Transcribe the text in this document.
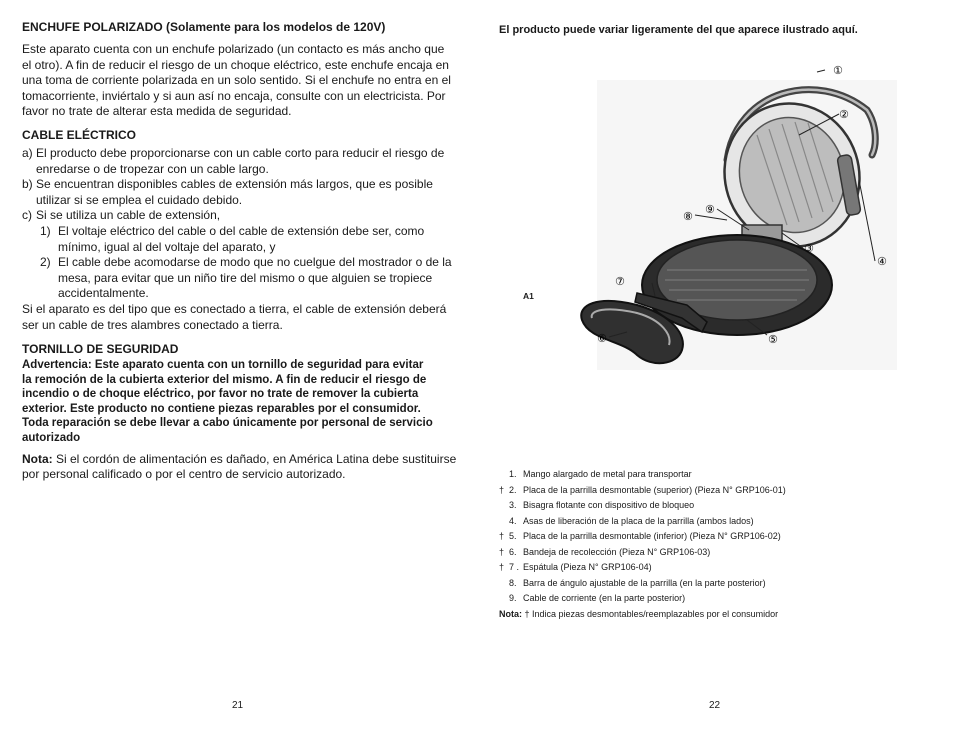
ENCHUFE POLARIZADO (Solamente para los modelos de 120V)

Este aparato cuenta con un enchufe polarizado (un contacto es más ancho que

el otro). A fin de reducir el riesgo de un choque eléctrico, este enchufe encaja en

una toma de corriente polarizada en un solo sentido. Si el enchufe no entra en el

tomacorriente, inviértalo y si aun así no encaja, consulte con un electricista. Por

favor no trate de alterar esta medida de seguridad.

CABLE ELÉCTRICO

a) El producto debe proporcionarse con un cable corto para reducir el riesgo de
enredarse o de tropezar con un cable largo.
b) Se encuentran disponibles cables de extensión más largos, que es posible
utilizar si se emplea el cuidado debido.
c) Si se utiliza un cable de extensión,
1) El voltaje eléctrico del cable o del cable de extensión debe ser, como
mínimo, igual al del voltaje del aparato, y
2) El cable debe acomodarse de modo que no cuelgue del mostrador o de la
mesa, para evitar que un niño tire del mismo o que alguien se tropiece
accidentalmente.

Si el aparato es del tipo que es conectado a tierra, el cable de extensión deberá

ser un cable de tres alambres conectado a tierra.

TORNILLO DE SEGURIDAD

Advertencia: Este aparato cuenta con un tornillo de seguridad para evitar

la remoción de la cubierta exterior del mismo. A fin de reducir el riesgo de

incendio o de choque eléctrico, por favor no trate de remover la cubierta

exterior. Este producto no contiene piezas reparables por el consumidor.

Toda reparación se debe llevar a cabo únicamente por personal de servicio

autorizado

Nota: Si el cordón de alimentación es dañado, en América Latina debe sustituirse

por personal calificado o por el centro de servicio autorizado.

21

El producto puede variar ligeramente del que aparece ilustrado aquí.

A1
①
②
③
④
⑤
⑥
⑦
⑧
⑨
22
1. Mango alargado de metal para transportar
† 2. Placa de la parrilla desmontable (superior) (Pieza N° GRP106-01)
3. Bisagra flotante con dispositivo de bloqueo
4. Asas de liberación de la placa de la parrilla (ambos lados)
† 5. Placa de la parrilla desmontable (inferior) (Pieza N° GRP106-02)
† 6. Bandeja de recolección (Pieza N° GRP106-03)
† 7 . Espátula (Pieza N° GRP106-04)
8. Barra de ángulo ajustable de la parrilla (en la parte posterior)
9. Cable de corriente (en la parte posterior)
Nota: † Indica piezas desmontables/reemplazables por el consumidor
